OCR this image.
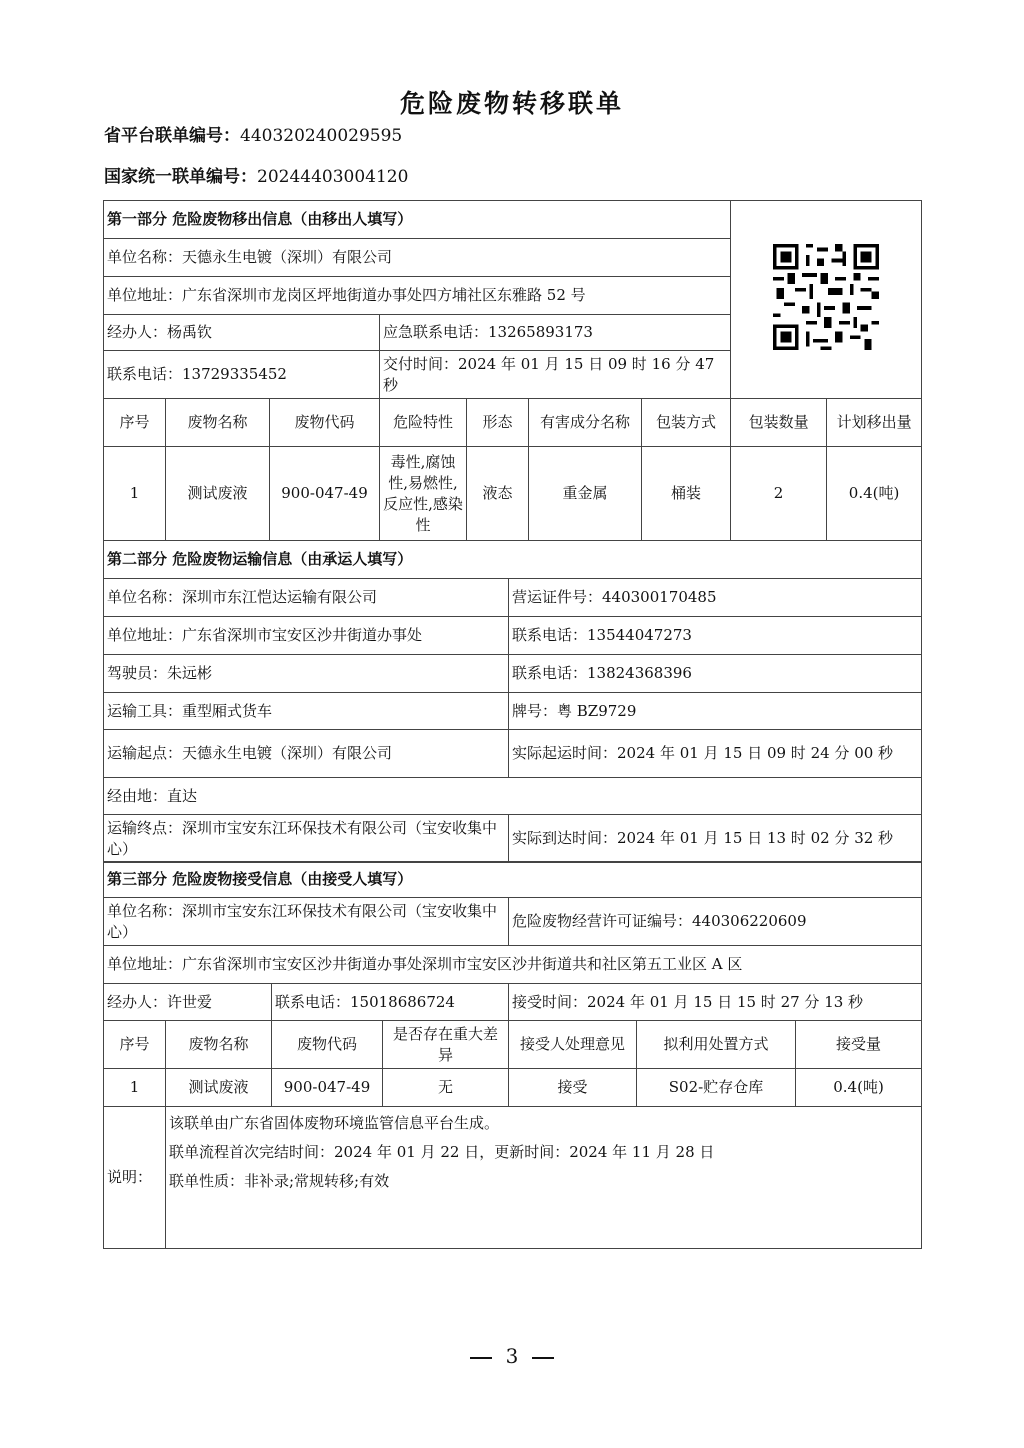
危险废物转移联单
省平台联单编号：440320240029595
国家统一联单编号：20244403004120
第一部分 危险废物移出信息（由移出人填写）	
单位名称：天德永生电镀（深圳）有限公司								
单位地址：广东省深圳市龙岗区坪地街道办事处四方埔社区东雅路 52 号								
经办人：杨禹钦			应急联系电话：13265893173					
联系电话：13729335452			交付时间：2024 年 01 月 15 日 09 时 16 分 47 秒					
序号	废物名称	废物代码	危险特性	形态	有害成分名称	包装方式	包装数量	计划移出量
1	测试废液	900-047-49	毒性,腐蚀性,易燃性,反应性,感染性	液态	重金属	桶装	2	0.4(吨)
第二部分 危险废物运输信息（由承运人填写）	
单位名称：深圳市东江恺达运输有限公司	营运证件号：440300170485
单位地址：广东省深圳市宝安区沙井街道办事处	联系电话：13544047273
驾驶员：朱远彬	联系电话：13824368396
运输工具：重型厢式货车	牌号：粤 BZ9729
运输起点：天德永生电镀（深圳）有限公司	实际起运时间：2024 年 01 月 15 日 09 时 24 分 00 秒
经由地：直达	
运输终点：深圳市宝安东江环保技术有限公司（宝安收集中心）	实际到达时间：2024 年 01 月 15 日 13 时 02 分 32 秒
第三部分 危险废物接受信息（由接受人填写）						
单位名称：深圳市宝安东江环保技术有限公司（宝安收集中心）				危险废物经营许可证编号：440306220609		
单位地址：广东省深圳市宝安区沙井街道办事处深圳市宝安区沙井街道共和社区第五工业区 A 区						
经办人：许世爱		联系电话：15018686724		接受时间：2024 年 01 月 15 日 15 时 27 分 13 秒		
序号	废物名称	废物代码	是否存在重大差异	接受人处理意见	拟利用处置方式	接受量
1	测试废液	900-047-49	无	接受	S02-贮存仓库	0.4(吨)
说明：	该联单由广东省固体废物环境监管信息平台生成。
联单流程首次完结时间：2024 年 01 月 22 日，更新时间：2024 年 11 月 28 日
联单性质：非补录;常规转移;有效					
3
